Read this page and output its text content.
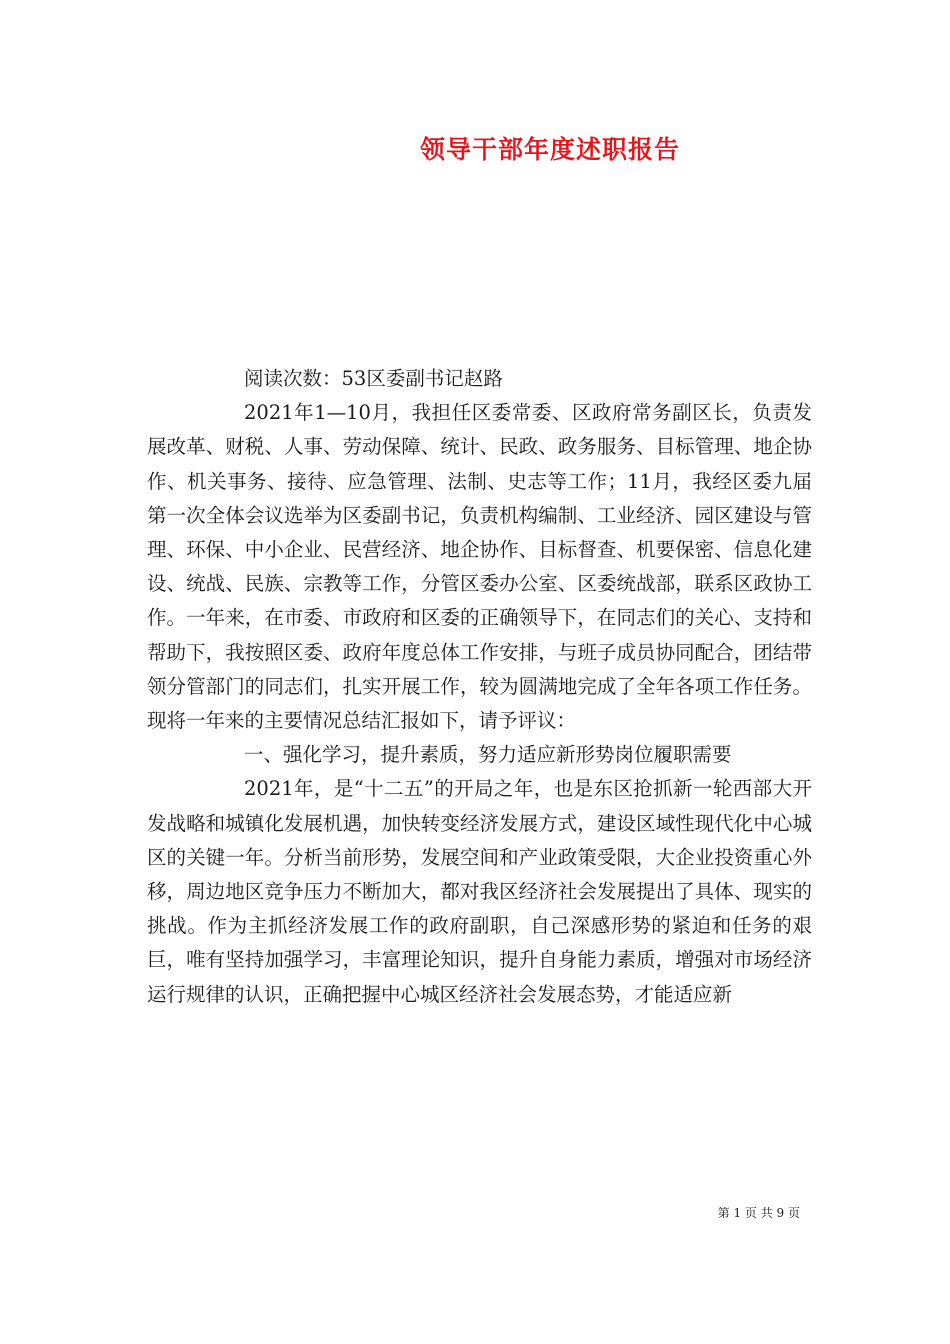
领导干部年度述职报告

阅读次数：53区委副书记赵路

2021年1—10月，我担任区委常委、区政府常务副区长，负责发展改革、财税、人事、劳动保障、统计、民政、政务服务、目标管理、地企协作、机关事务、接待、应急管理、法制、史志等工作；11月，我经区委九届第一次全体会议选举为区委副书记，负责机构编制、工业经济、园区建设与管理、环保、中小企业、民营经济、地企协作、目标督查、机要保密、信息化建设、统战、民族、宗教等工作，分管区委办公室、区委统战部，联系区政协工作。一年来，在市委、市政府和区委的正确领导下，在同志们的关心、支持和帮助下，我按照区委、政府年度总体工作安排，与班子成员协同配合，团结带领分管部门的同志们，扎实开展工作，较为圆满地完成了全年各项工作任务。现将一年来的主要情况总结汇报如下，请予评议：

一、强化学习，提升素质，努力适应新形势岗位履职需要

2021年，是“十二五”的开局之年，也是东区抢抓新一轮西部大开发战略和城镇化发展机遇，加快转变经济发展方式，建设区域性现代化中心城区的关键一年。分析当前形势，发展空间和产业政策受限，大企业投资重心外移，周边地区竞争压力不断加大，都对我区经济社会发展提出了具体、现实的挑战。作为主抓经济发展工作的政府副职，自己深感形势的紧迫和任务的艰巨，唯有坚持加强学习，丰富理论知识，提升自身能力素质，增强对市场经济运行规律的认识，正确把握中心城区经济社会发展态势，才能适应新

第 1 页 共 9 页
